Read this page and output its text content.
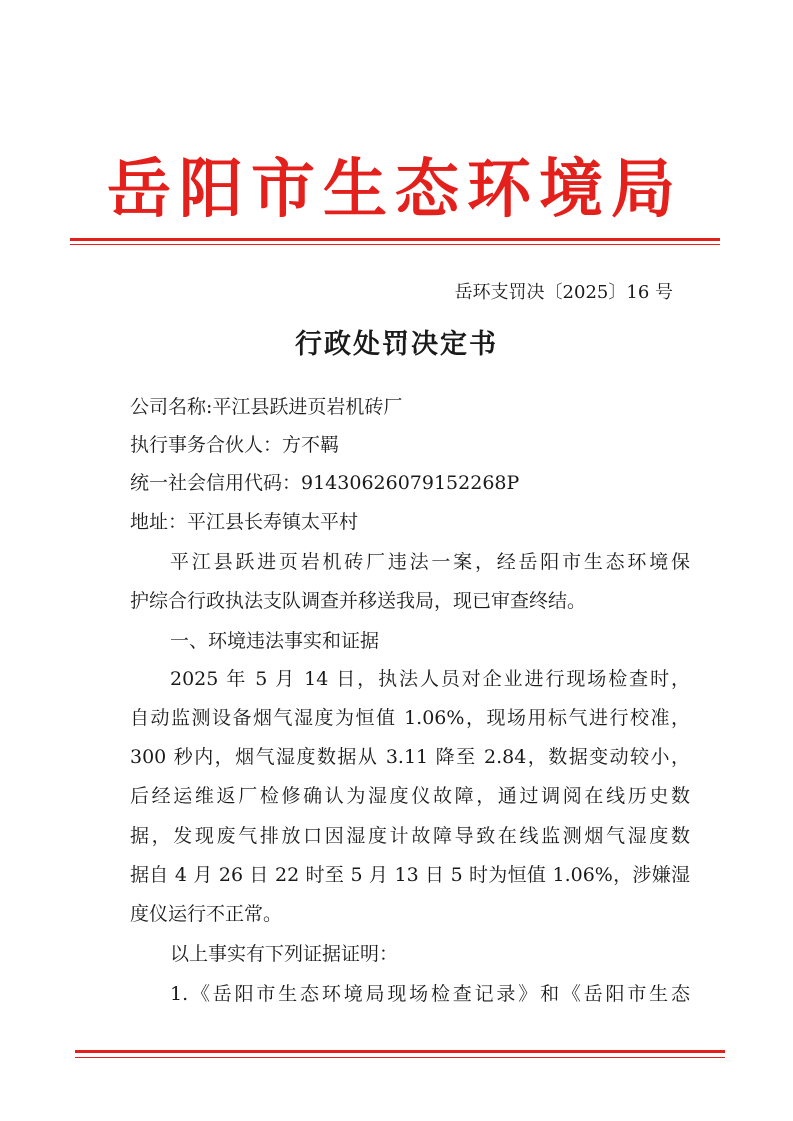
岳阳市生态环境局
岳环支罚决〔2025〕16 号
行政处罚决定书
公司名称:平江县跃进页岩机砖厂
执行事务合伙人：方不羁
统一社会信用代码：91430626079152268P
地址：平江县长寿镇太平村
平江县跃进页岩机砖厂违法一案，经岳阳市生态环境保
护综合行政执法支队调查并移送我局，现已审查终结。
一、环境违法事实和证据
2025 年 5 月 14 日，执法人员对企业进行现场检查时，
自动监测设备烟气湿度为恒值 1.06%，现场用标气进行校准，
300 秒内，烟气湿度数据从 3.11 降至 2.84，数据变动较小，
后经运维返厂检修确认为湿度仪故障，通过调阅在线历史数
据，发现废气排放口因湿度计故障导致在线监测烟气湿度数
据自 4 月 26 日 22 时至 5 月 13 日 5 时为恒值 1.06%，涉嫌湿
度仪运行不正常。
以上事实有下列证据证明：
1.《岳阳市生态环境局现场检查记录》和《岳阳市生态
